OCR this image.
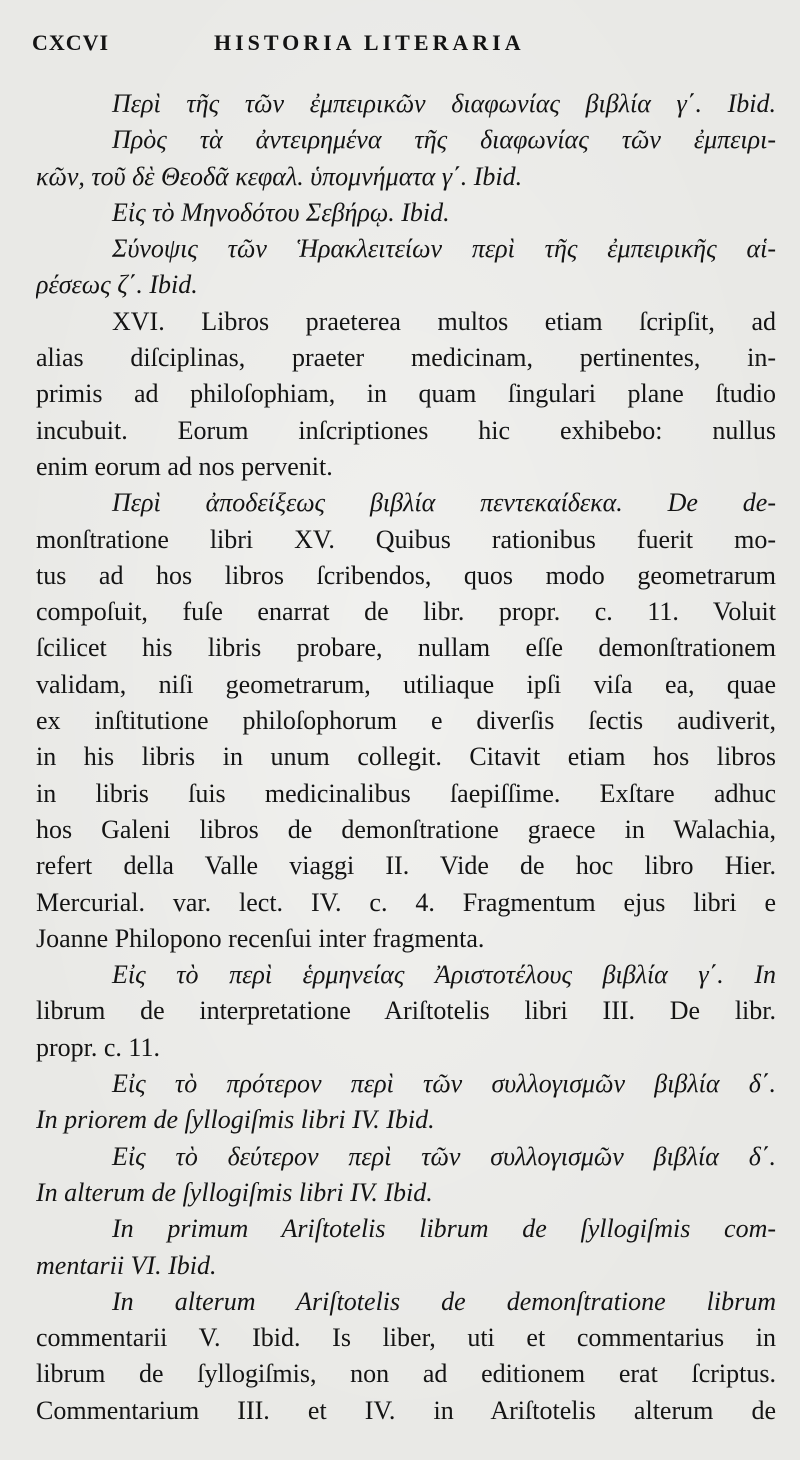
CXCVI	HISTORIA LITERARIA
Περὶ τῆς τῶν ἐμπειρικῶν διαφωνίας βιβλία γ΄. Ibid.
Πρὸς τὰ ἀντειρημένα τῆς διαφωνίας τῶν ἐμπειρι-
κῶν, τοῦ δὲ Θεοδᾶ κεφαλ. ὑπομνήματα γ΄. Ibid.
Εἰς τὸ Μηνοδότου Σεβήρῳ. Ibid.
Σύνοψις τῶν Ἡρακλειτείων περὶ τῆς ἐμπειρικῆς αἱ-
ρέσεως ζ΄. Ibid.
XVI. Libros praeterea multos etiam ſcripſit, ad
alias diſciplinas, praeter medicinam, pertinentes, in-
primis ad philoſophiam, in quam ſingulari plane ſtudio
incubuit. Eorum inſcriptiones hic exhibebo: nullus
enim eorum ad nos pervenit.
Περὶ ἀποδείξεως βιβλία πεντεκαίδεκα. De de-
monſtratione libri XV. Quibus rationibus fuerit mo-
tus ad hos libros ſcribendos, quos modo geometrarum
compoſuit, fuſe enarrat de libr. propr. c. 11. Voluit
ſcilicet his libris probare, nullam eſſe demonſtrationem
validam, niſi geometrarum, utiliaque ipſi viſa ea, quae
ex inſtitutione philoſophorum e diverſis ſectis audiverit,
in his libris in unum collegit. Citavit etiam hos libros
in libris ſuis medicinalibus ſaepiſſime. Exſtare adhuc
hos Galeni libros de demonſtratione graece in Walachia,
refert della Valle viaggi II. Vide de hoc libro Hier.
Mercurial. var. lect. IV. c. 4. Fragmentum ejus libri e
Joanne Philopono recenſui inter fragmenta.
Εἰς τὸ περὶ ἑρμηνείας Ἀριστοτέλους βιβλία γ΄. In
librum de interpretatione Ariſtotelis libri III. De libr.
propr. c. 11.
Εἰς τὸ πρότερον περὶ τῶν συλλογισμῶν βιβλία δ΄.
In priorem de ſyllogiſmis libri IV. Ibid.
Εἰς τὸ δεύτερον περὶ τῶν συλλογισμῶν βιβλία δ΄.
In alterum de ſyllogiſmis libri IV. Ibid.
In primum Ariſtotelis librum de ſyllogiſmis com-
mentarii VI. Ibid.
In alterum Ariſtotelis de demonſtratione librum
commentarii V. Ibid. Is liber, uti et commentarius in
librum de ſyllogiſmis, non ad editionem erat ſcriptus.
Commentarium III. et IV. in Ariſtotelis alterum de
